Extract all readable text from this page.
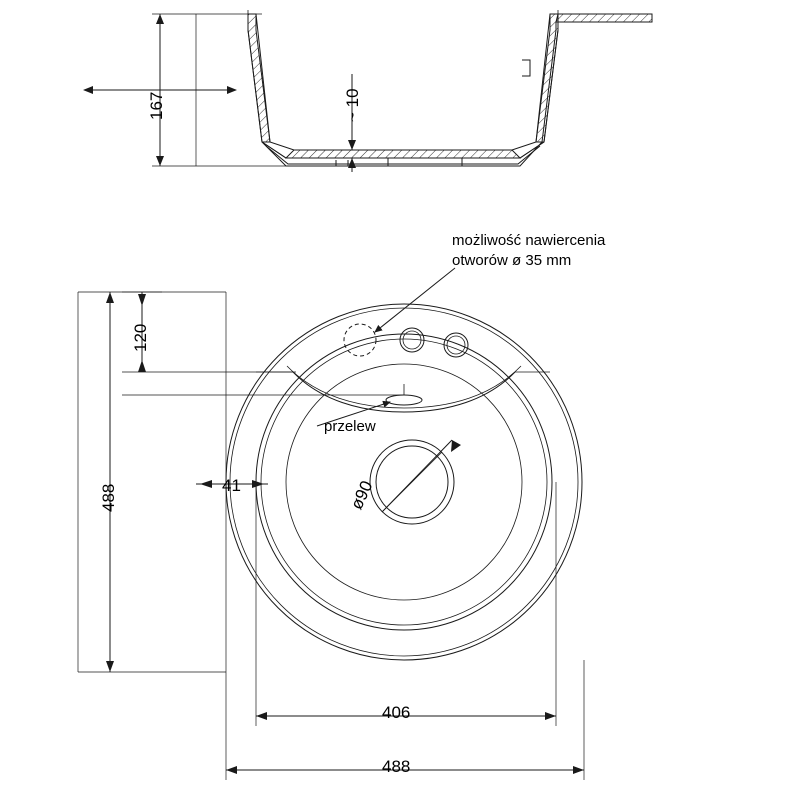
167	~ 10
możliwość nawiercenia
otworów ø 35 mm
120
488	41
przelew
ø90
406
488
